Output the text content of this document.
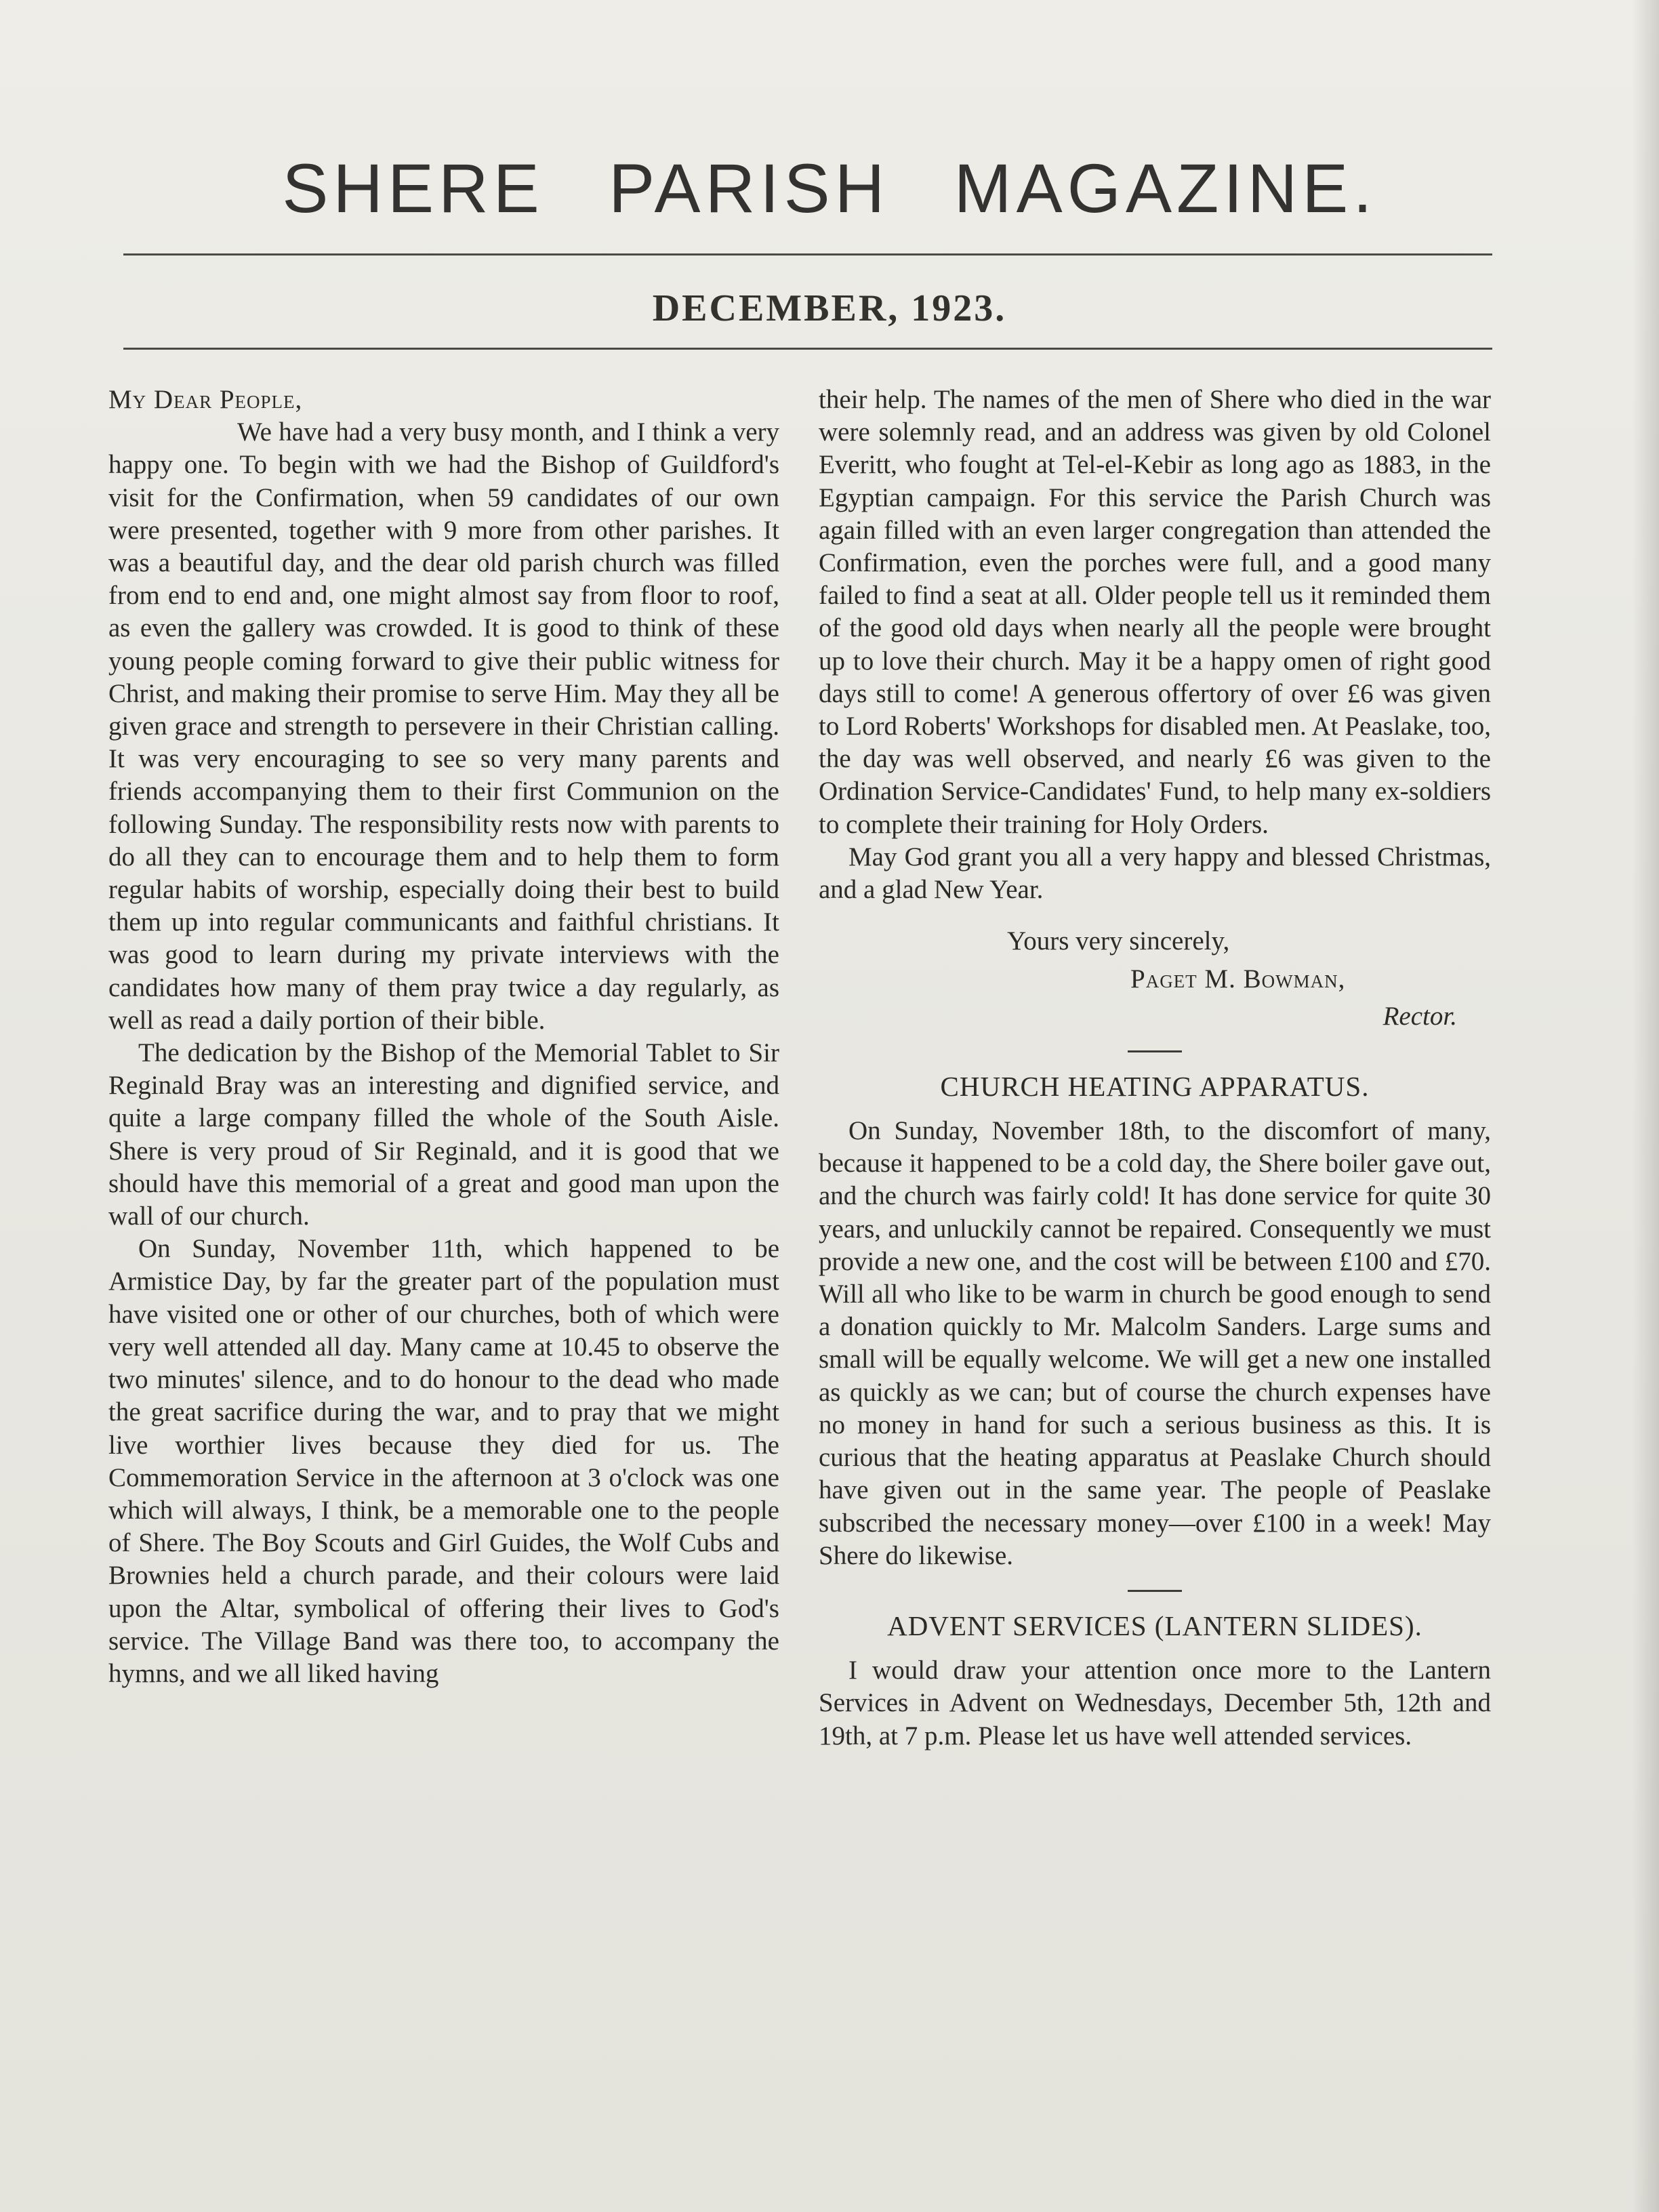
SHERE PARISH MAGAZINE.
DECEMBER, 1923.

My Dear People,

We have had a very busy month, and I think a very happy one. To begin with we had the Bishop of Guildford's visit for the Confirmation, when 59 candidates of our own were presented, together with 9 more from other parishes. It was a beautiful day, and the dear old parish church was filled from end to end and, one might almost say from floor to roof, as even the gallery was crowded. It is good to think of these young people coming forward to give their public witness for Christ, and making their promise to serve Him. May they all be given grace and strength to persevere in their Christian calling. It was very encouraging to see so very many parents and friends accompanying them to their first Communion on the following Sunday. The responsibility rests now with parents to do all they can to encourage them and to help them to form regular habits of worship, especially doing their best to build them up into regular communicants and faithful christians. It was good to learn during my private interviews with the candidates how many of them pray twice a day regularly, as well as read a daily portion of their bible.

The dedication by the Bishop of the Memorial Tablet to Sir Reginald Bray was an interesting and dignified service, and quite a large company filled the whole of the South Aisle. Shere is very proud of Sir Reginald, and it is good that we should have this memorial of a great and good man upon the wall of our church.

On Sunday, November 11th, which happened to be Armistice Day, by far the greater part of the population must have visited one or other of our churches, both of which were very well attended all day. Many came at 10.45 to observe the two minutes' silence, and to do honour to the dead who made the great sacrifice during the war, and to pray that we might live worthier lives because they died for us. The Commemoration Service in the afternoon at 3 o'clock was one which will always, I think, be a memorable one to the people of Shere. The Boy Scouts and Girl Guides, the Wolf Cubs and Brownies held a church parade, and their colours were laid upon the Altar, symbolical of offering their lives to God's service. The Village Band was there too, to accompany the hymns, and we all liked having

their help. The names of the men of Shere who died in the war were solemnly read, and an address was given by old Colonel Everitt, who fought at Tel-el-Kebir as long ago as 1883, in the Egyptian campaign. For this service the Parish Church was again filled with an even larger congregation than attended the Confirmation, even the porches were full, and a good many failed to find a seat at all. Older people tell us it reminded them of the good old days when nearly all the people were brought up to love their church. May it be a happy omen of right good days still to come! A generous offertory of over £6 was given to Lord Roberts' Workshops for disabled men. At Peaslake, too, the day was well observed, and nearly £6 was given to the Ordination Service-Candidates' Fund, to help many ex-soldiers to complete their training for Holy Orders.

May God grant you all a very happy and blessed Christmas, and a glad New Year.

Yours very sincerely,

Paget M. Bowman,

Rector.

CHURCH HEATING APPARATUS.

On Sunday, November 18th, to the discomfort of many, because it happened to be a cold day, the Shere boiler gave out, and the church was fairly cold! It has done service for quite 30 years, and unluckily cannot be repaired. Consequently we must provide a new one, and the cost will be between £100 and £70. Will all who like to be warm in church be good enough to send a donation quickly to Mr. Malcolm Sanders. Large sums and small will be equally welcome. We will get a new one installed as quickly as we can; but of course the church expenses have no money in hand for such a serious business as this. It is curious that the heating apparatus at Peaslake Church should have given out in the same year. The people of Peaslake subscribed the necessary money—over £100 in a week! May Shere do likewise.

ADVENT SERVICES (LANTERN SLIDES).

I would draw your attention once more to the Lantern Services in Advent on Wednesdays, December 5th, 12th and 19th, at 7 p.m. Please let us have well attended services.
